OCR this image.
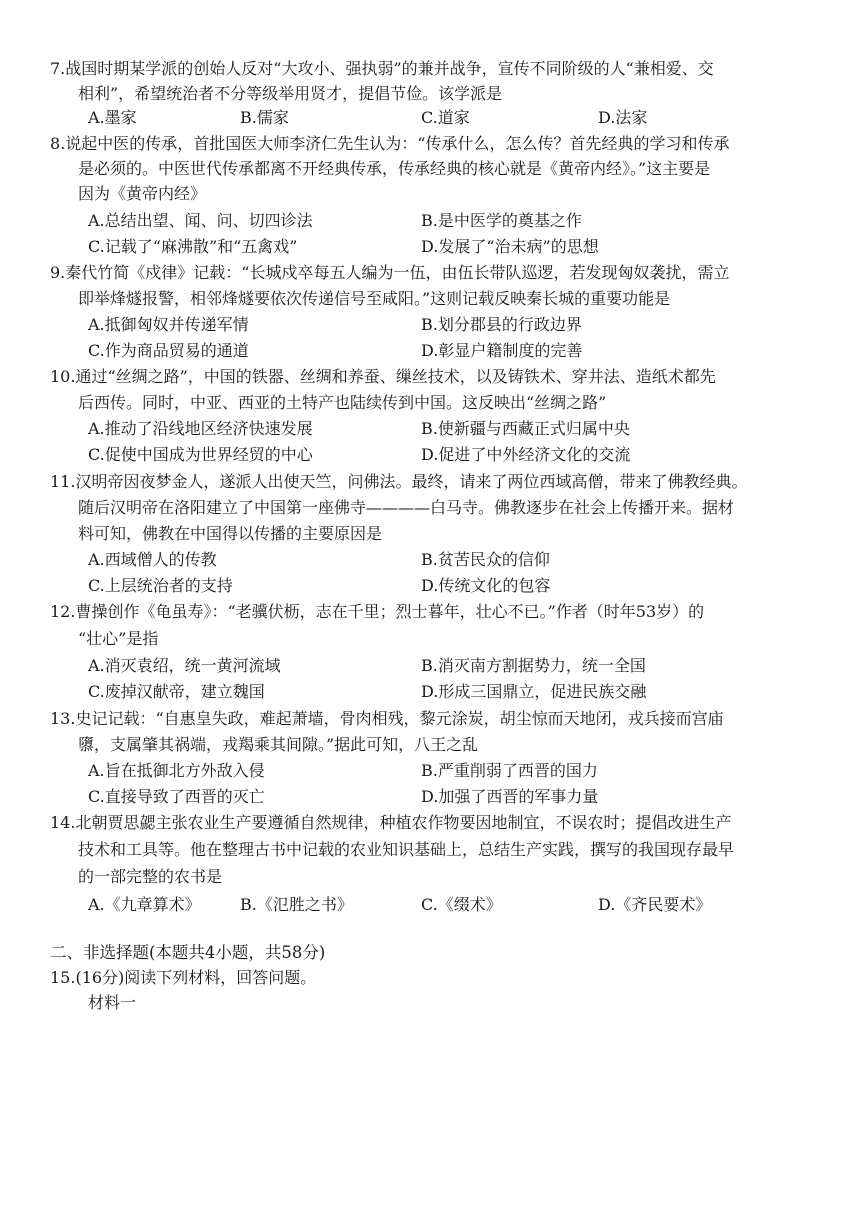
7.战国时期某学派的创始人反对“大攻小、强执弱”的兼并战争，宣传不同阶级的人“兼相爱、交
相利”，希望统治者不分等级举用贤才，提倡节俭。该学派是
A.墨家	B.儒家	C.道家	D.法家
8.说起中医的传承，首批国医大师李济仁先生认为：“传承什么，怎么传？首先经典的学习和传承
是必须的。中医世代传承都离不开经典传承，传承经典的核心就是《黄帝内经》。”这主要是
因为《黄帝内经》
A.总结出望、闻、问、切四诊法	B.是中医学的奠基之作
C.记载了“麻沸散”和“五禽戏”	D.发展了“治未病”的思想
9.秦代竹简《戍律》记载：“长城戍卒每五人编为一伍，由伍长带队巡逻，若发现匈奴袭扰，需立
即举烽燧报警，相邻烽燧要依次传递信号至咸阳。”这则记载反映秦长城的重要功能是
A.抵御匈奴并传递军情	B.划分郡县的行政边界
C.作为商品贸易的通道	D.彰显户籍制度的完善
10.通过“丝绸之路”，中国的铁器、丝绸和养蚕、缫丝技术，以及铸铁术、穿井法、造纸术都先
后西传。同时，中亚、西亚的土特产也陆续传到中国。这反映出“丝绸之路”
A.推动了沿线地区经济快速发展	B.使新疆与西藏正式归属中央
C.促使中国成为世界经贸的中心	D.促进了中外经济文化的交流
11.汉明帝因夜梦金人，遂派人出使天竺，问佛法。最终，请来了两位西域高僧，带来了佛教经典。
随后汉明帝在洛阳建立了中国第一座佛寺————白马寺。佛教逐步在社会上传播开来。据材
料可知，佛教在中国得以传播的主要原因是
A.西域僧人的传教	B.贫苦民众的信仰
C.上层统治者的支持	D.传统文化的包容
12.曹操创作《龟虽寿》：“老骥伏枥，志在千里；烈士暮年，壮心不已。”作者（时年53岁）的
“壮心”是指
A.消灭袁绍，统一黄河流域	B.消灭南方割据势力，统一全国
C.废掉汉献帝，建立魏国	D.形成三国鼎立，促进民族交融
13.史记记载：“自惠皇失政，难起萧墙，骨肉相残，黎元涂炭，胡尘惊而天地闭，戎兵接而宫庙
隳，支属肇其祸端，戎羯乘其间隙。”据此可知，八王之乱
A.旨在抵御北方外敌入侵	B.严重削弱了西晋的国力
C.直接导致了西晋的灭亡	D.加强了西晋的军事力量
14.北朝贾思勰主张农业生产要遵循自然规律，种植农作物要因地制宜，不误农时；提倡改进生产
技术和工具等。他在整理古书中记载的农业知识基础上，总结生产实践，撰写的我国现存最早
的一部完整的农书是
A.《九章算术》 B.《氾胜之书》	C.《缀术》	D.《齐民要术》
二、非选择题(本题共4小题，共58分)
15.(16分)阅读下列材料，回答问题。
材料一
